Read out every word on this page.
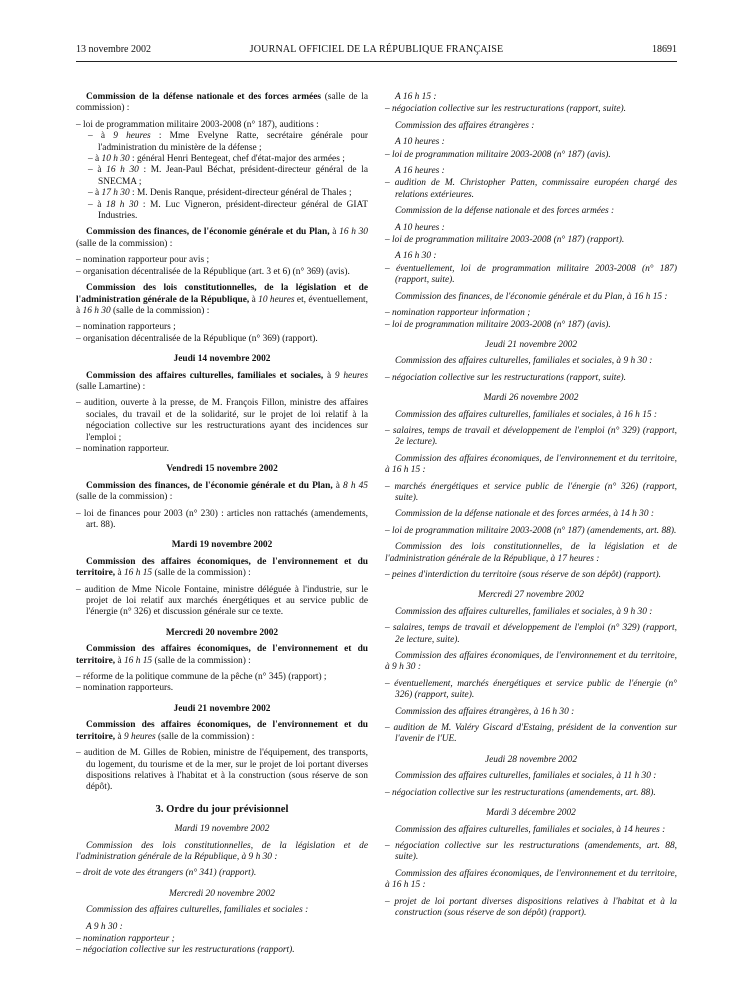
13 novembre 2002	JOURNAL OFFICIEL DE LA RÉPUBLIQUE FRANÇAISE	18691

Commission de la défense nationale et des forces armées (salle de la commission) :

– loi de programmation militaire 2003-2008 (n° 187), auditions :
– à 9 heures : Mme Evelyne Ratte, secrétaire générale pour l'administration du ministère de la défense ;
– à 10 h 30 : général Henri Bentegeat, chef d'état-major des armées ;
– à 16 h 30 : M. Jean-Paul Béchat, président-directeur général de la SNECMA ;
– à 17 h 30 : M. Denis Ranque, président-directeur général de Thales ;
– à 18 h 30 : M. Luc Vigneron, président-directeur général de GIAT Industries.

Commission des finances, de l'économie générale et du Plan, à 16 h 30 (salle de la commission) :

– nomination rapporteur pour avis ;
– organisation décentralisée de la République (art. 3 et 6) (n° 369) (avis).

Commission des lois constitutionnelles, de la législation et de l'administration générale de la République, à 10 heures et, éventuellement, à 16 h 30 (salle de la commission) :

– nomination rapporteurs ;
– organisation décentralisée de la République (n° 369) (rapport).
Jeudi 14 novembre 2002

Commission des affaires culturelles, familiales et sociales, à 9 heures (salle Lamartine) :

– audition, ouverte à la presse, de M. François Fillon, ministre des affaires sociales, du travail et de la solidarité, sur le projet de loi relatif à la négociation collective sur les restructurations ayant des incidences sur l'emploi ;
– nomination rapporteur.
Vendredi 15 novembre 2002

Commission des finances, de l'économie générale et du Plan, à 8 h 45 (salle de la commission) :

– loi de finances pour 2003 (n° 230) : articles non rattachés (amendements, art. 88).
Mardi 19 novembre 2002

Commission des affaires économiques, de l'environnement et du territoire, à 16 h 15 (salle de la commission) :

– audition de Mme Nicole Fontaine, ministre déléguée à l'industrie, sur le projet de loi relatif aux marchés énergétiques et au service public de l'énergie (n° 326) et discussion générale sur ce texte.
Mercredi 20 novembre 2002

Commission des affaires économiques, de l'environnement et du territoire, à 16 h 15 (salle de la commission) :

– réforme de la politique commune de la pêche (n° 345) (rapport) ;
– nomination rapporteurs.
Jeudi 21 novembre 2002

Commission des affaires économiques, de l'environnement et du territoire, à 9 heures (salle de la commission) :

– audition de M. Gilles de Robien, ministre de l'équipement, des transports, du logement, du tourisme et de la mer, sur le projet de loi portant diverses dispositions relatives à l'habitat et à la construction (sous réserve de son dépôt).
3. Ordre du jour prévisionnel
Mardi 19 novembre 2002

Commission des lois constitutionnelles, de la législation et de l'administration générale de la République, à 9 h 30 :

– droit de vote des étrangers (n° 341) (rapport).
Mercredi 20 novembre 2002

Commission des affaires culturelles, familiales et sociales :

A 9 h 30 :

– nomination rapporteur ;
– négociation collective sur les restructurations (rapport).

A 16 h 15 :

– négociation collective sur les restructurations (rapport, suite).

Commission des affaires étrangères :

A 10 heures :

– loi de programmation militaire 2003-2008 (n° 187) (avis).

A 16 heures :

– audition de M. Christopher Patten, commissaire européen chargé des relations extérieures.

Commission de la défense nationale et des forces armées :

A 10 heures :

– loi de programmation militaire 2003-2008 (n° 187) (rapport).

A 16 h 30 :

– éventuellement, loi de programmation militaire 2003-2008 (n° 187) (rapport, suite).

Commission des finances, de l'économie générale et du Plan, à 16 h 15 :

– nomination rapporteur information ;
– loi de programmation militaire 2003-2008 (n° 187) (avis).
Jeudi 21 novembre 2002

Commission des affaires culturelles, familiales et sociales, à 9 h 30 :

– négociation collective sur les restructurations (rapport, suite).
Mardi 26 novembre 2002

Commission des affaires culturelles, familiales et sociales, à 16 h 15 :

– salaires, temps de travail et développement de l'emploi (n° 329) (rapport, 2e lecture).

Commission des affaires économiques, de l'environnement et du territoire, à 16 h 15 :

– marchés énergétiques et service public de l'énergie (n° 326) (rapport, suite).

Commission de la défense nationale et des forces armées, à 14 h 30 :

– loi de programmation militaire 2003-2008 (n° 187) (amendements, art. 88).

Commission des lois constitutionnelles, de la législation et de l'administration générale de la République, à 17 heures :

– peines d'interdiction du territoire (sous réserve de son dépôt) (rapport).
Mercredi 27 novembre 2002

Commission des affaires culturelles, familiales et sociales, à 9 h 30 :

– salaires, temps de travail et développement de l'emploi (n° 329) (rapport, 2e lecture, suite).

Commission des affaires économiques, de l'environnement et du territoire, à 9 h 30 :

– éventuellement, marchés énergétiques et service public de l'énergie (n° 326) (rapport, suite).

Commission des affaires étrangères, à 16 h 30 :

– audition de M. Valéry Giscard d'Estaing, président de la convention sur l'avenir de l'UE.
Jeudi 28 novembre 2002

Commission des affaires culturelles, familiales et sociales, à 11 h 30 :

– négociation collective sur les restructurations (amendements, art. 88).
Mardi 3 décembre 2002

Commission des affaires culturelles, familiales et sociales, à 14 heures :

– négociation collective sur les restructurations (amendements, art. 88, suite).

Commission des affaires économiques, de l'environnement et du territoire, à 16 h 15 :

– projet de loi portant diverses dispositions relatives à l'habitat et à la construction (sous réserve de son dépôt) (rapport).
